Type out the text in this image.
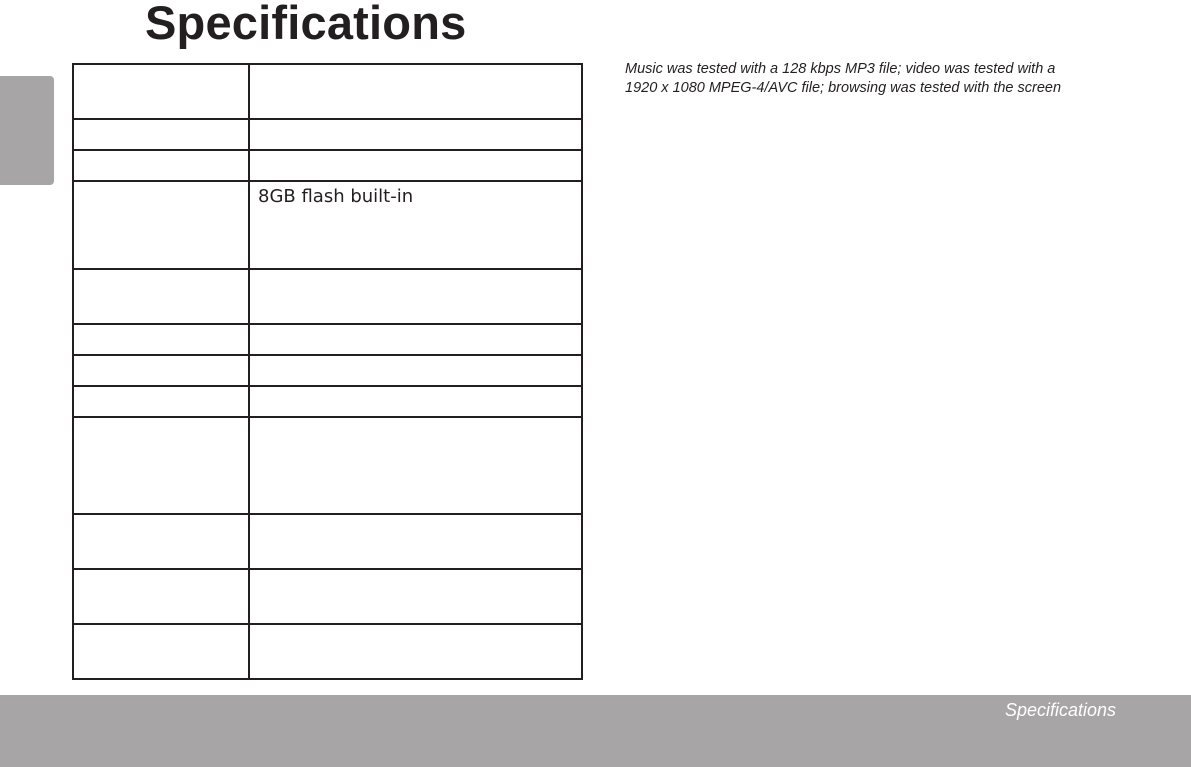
Specifications

	8GB flash built-in

Music was tested with a 128 kbps MP3 file; video was tested with a
1920 x 1080 MPEG-4/AVC file; browsing was tested with the screen
Specifications
